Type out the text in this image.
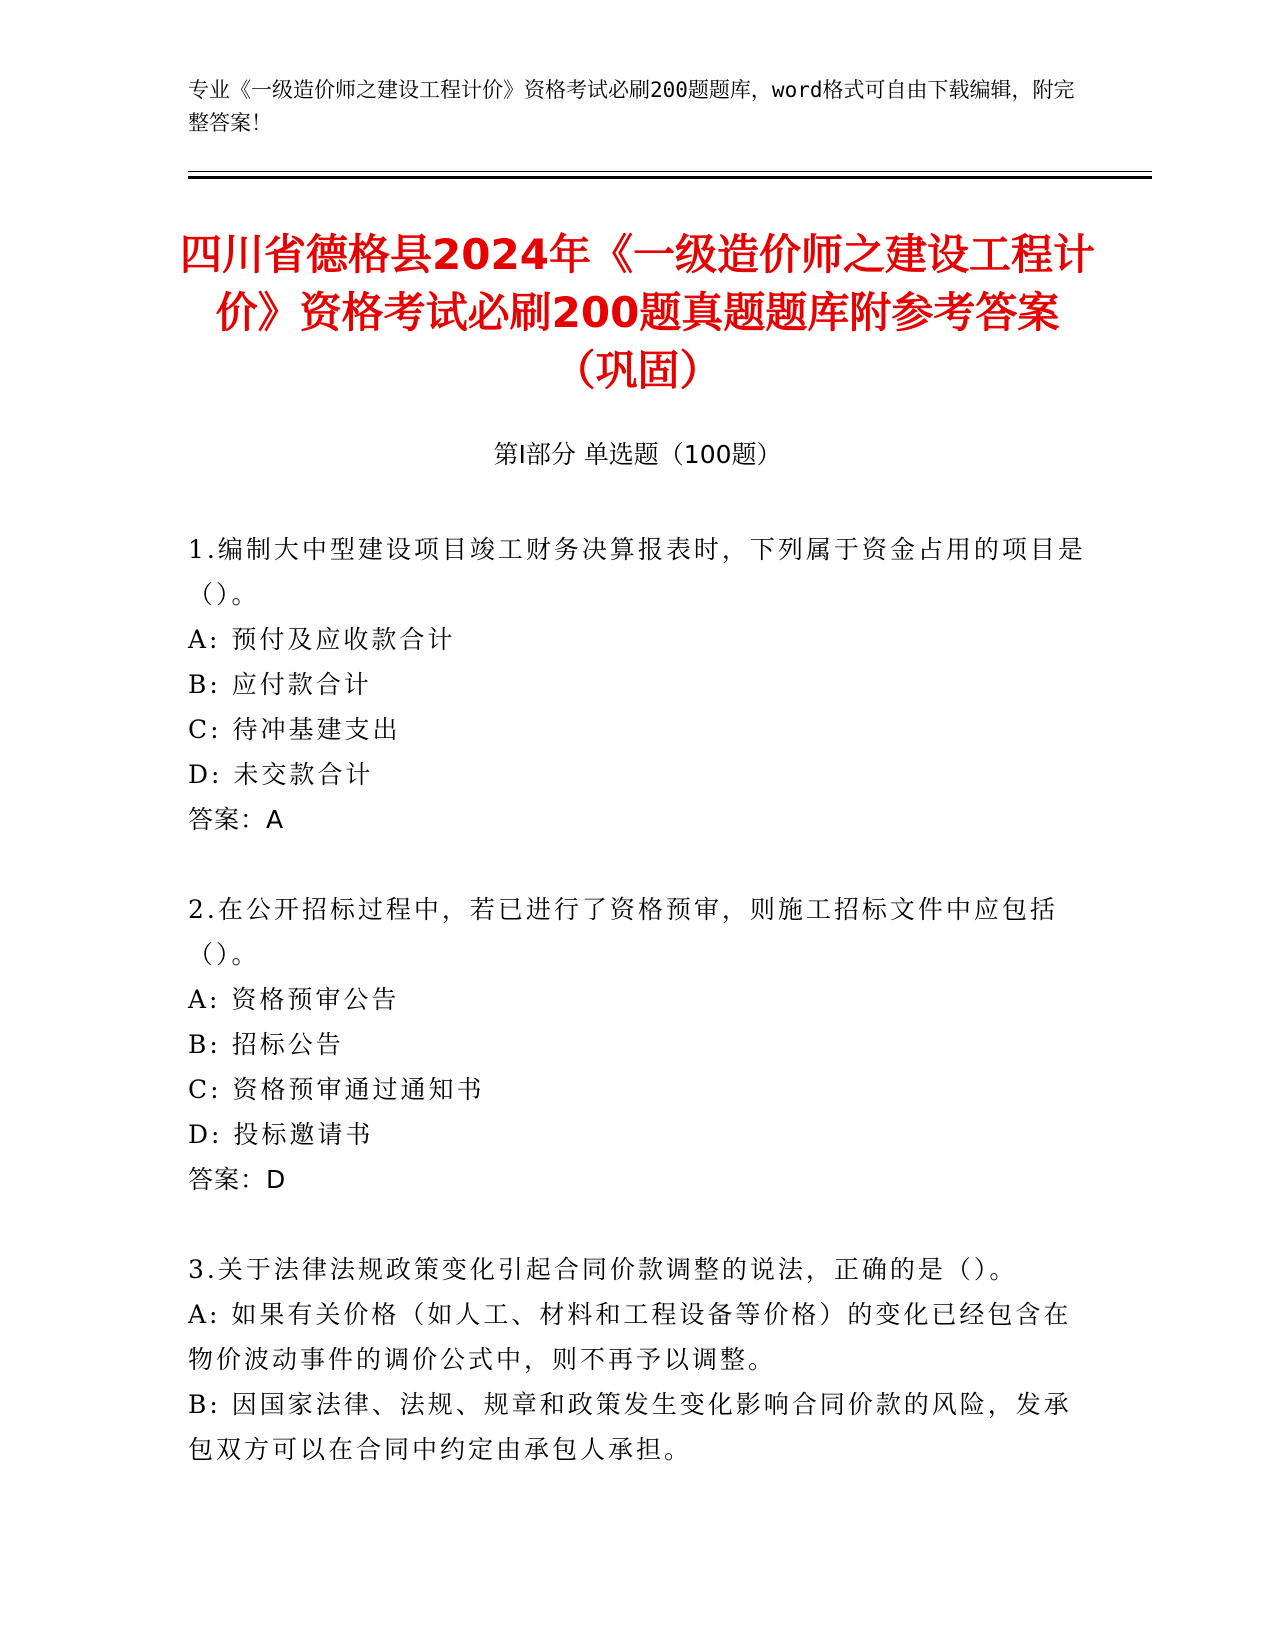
专业《一级造价师之建设工程计价》资格考试必刷200题题库，word格式可自由下载编辑，附完整答案！
四川省德格县2024年《一级造价师之建设工程计价》资格考试必刷200题真题题库附参考答案（巩固）
第Ⅰ部分 单选题（100题）
1.编制大中型建设项目竣工财务决算报表时，下列属于资金占用的项目是（）。
A: 预付及应收款合计
B: 应付款合计
C: 待冲基建支出
D: 未交款合计
答案：A
2.在公开招标过程中，若已进行了资格预审，则施工招标文件中应包括（）。
A: 资格预审公告
B: 招标公告
C: 资格预审通过通知书
D: 投标邀请书
答案：D
3.关于法律法规政策变化引起合同价款调整的说法，正确的是（）。
A: 如果有关价格（如人工、材料和工程设备等价格）的变化已经包含在物价波动事件的调价公式中，则不再予以调整。
B: 因国家法律、法规、规章和政策发生变化影响合同价款的风险，发承包双方可以在合同中约定由承包人承担。
